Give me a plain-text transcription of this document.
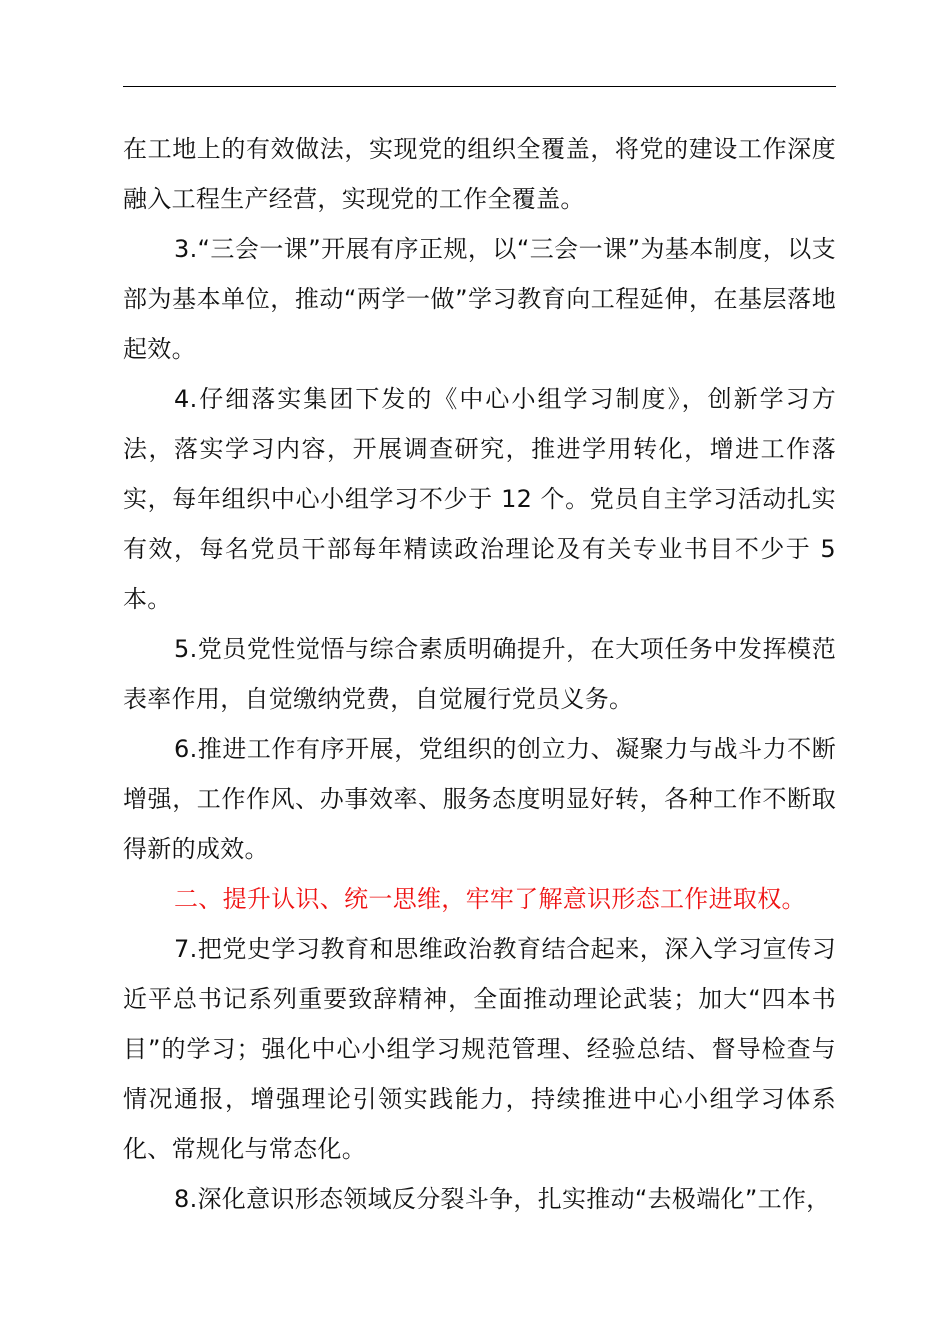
在工地上的有效做法，实现党的组织全覆盖，将党的建设工作深度融入工程生产经营，实现党的工作全覆盖。

3.“三会一课”开展有序正规，以“三会一课”为基本制度，以支部为基本单位，推动“两学一做”学习教育向工程延伸，在基层落地起效。

4.仔细落实集团下发的《中心小组学习制度》，创新学习方法，落实学习内容，开展调查研究，推进学用转化，增进工作落实，每年组织中心小组学习不少于 12 个。党员自主学习活动扎实有效，每名党员干部每年精读政治理论及有关专业书目不少于 5 本。

5.党员党性觉悟与综合素质明确提升，在大项任务中发挥模范表率作用，自觉缴纳党费，自觉履行党员义务。

6.推进工作有序开展，党组织的创立力、凝聚力与战斗力不断增强，工作作风、办事效率、服务态度明显好转，各种工作不断取得新的成效。

二、提升认识、统一思维，牢牢了解意识形态工作进取权。

7.把党史学习教育和思维政治教育结合起来，深入学习宣传习近平总书记系列重要致辞精神，全面推动理论武装；加大“四本书目”的学习；强化中心小组学习规范管理、经验总结、督导检查与情况通报，增强理论引领实践能力，持续推进中心小组学习体系化、常规化与常态化。

8.深化意识形态领域反分裂斗争，扎实推动“去极端化”工作，
